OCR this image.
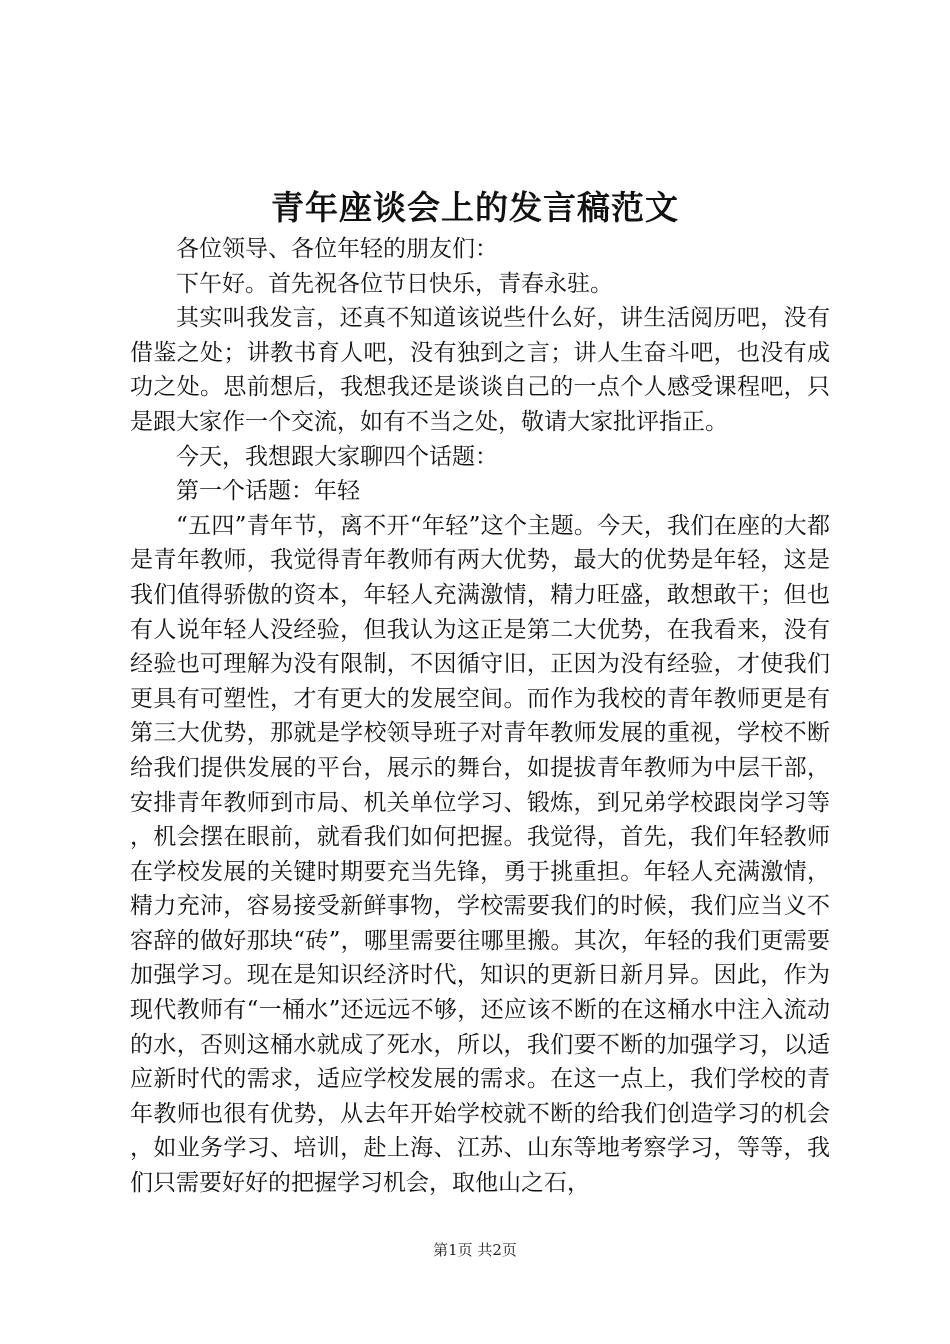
青年座谈会上的发言稿范文

各位领导、各位年轻的朋友们：

下午好。首先祝各位节日快乐，青春永驻。

其实叫我发言，还真不知道该说些什么好，讲生活阅历吧，没有借鉴之处；讲教书育人吧，没有独到之言；讲人生奋斗吧，也没有成功之处。思前想后，我想我还是谈谈自己的一点个人感受课程吧，只是跟大家作一个交流，如有不当之处，敬请大家批评指正。

今天，我想跟大家聊四个话题：

第一个话题：年轻

“五四”青年节，离不开“年轻”这个主题。今天，我们在座的大都是青年教师，我觉得青年教师有两大优势，最大的优势是年轻，这是我们值得骄傲的资本，年轻人充满激情，精力旺盛，敢想敢干；但也有人说年轻人没经验，但我认为这正是第二大优势，在我看来，没有经验也可理解为没有限制，不因循守旧，正因为没有经验，才使我们更具有可塑性，才有更大的发展空间。而作为我校的青年教师更是有第三大优势，那就是学校领导班子对青年教师发展的重视，学校不断给我们提供发展的平台，展示的舞台，如提拔青年教师为中层干部，安排青年教师到市局、机关单位学习、锻炼，到兄弟学校跟岗学习等，机会摆在眼前，就看我们如何把握。我觉得，首先，我们年轻教师在学校发展的关键时期要充当先锋，勇于挑重担。年轻人充满激情，精力充沛，容易接受新鲜事物，学校需要我们的时候，我们应当义不容辞的做好那块“砖”，哪里需要往哪里搬。其次，年轻的我们更需要加强学习。现在是知识经济时代，知识的更新日新月异。因此，作为现代教师有“一桶水”还远远不够，还应该不断的在这桶水中注入流动的水，否则这桶水就成了死水，所以，我们要不断的加强学习，以适应新时代的需求，适应学校发展的需求。在这一点上，我们学校的青年教师也很有优势，从去年开始学校就不断的给我们创造学习的机会，如业务学习、培训，赴上海、江苏、山东等地考察学习，等等，我们只需要好好的把握学习机会，取他山之石，

第1页 共2页
